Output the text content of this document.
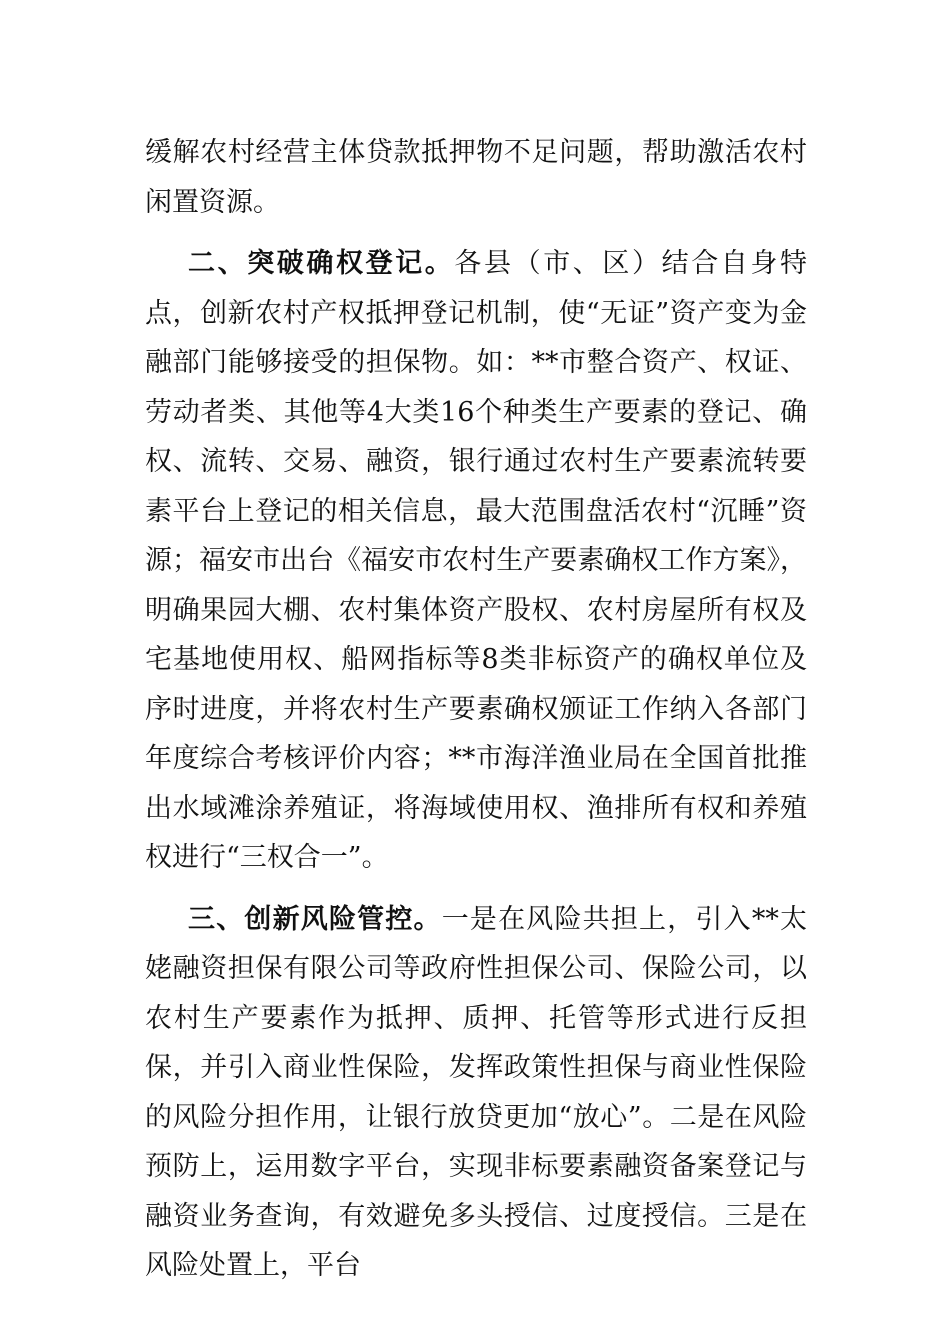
缓解农村经营主体贷款抵押物不足问题，帮助激活农村闲置资源。

二、突破确权登记。各县（市、区）结合自身特点，创新农村产权抵押登记机制，使“无证”资产变为金融部门能够接受的担保物。如：**市整合资产、权证、劳动者类、其他等4大类16个种类生产要素的登记、确权、流转、交易、融资，银行通过农村生产要素流转要素平台上登记的相关信息，最大范围盘活农村“沉睡”资源；福安市出台《福安市农村生产要素确权工作方案》，明确果园大棚、农村集体资产股权、农村房屋所有权及宅基地使用权、船网指标等8类非标资产的确权单位及序时进度，并将农村生产要素确权颁证工作纳入各部门年度综合考核评价内容；**市海洋渔业局在全国首批推出水域滩涂养殖证，将海域使用权、渔排所有权和养殖权进行“三权合一”。

三、创新风险管控。一是在风险共担上，引入**太姥融资担保有限公司等政府性担保公司、保险公司，以农村生产要素作为抵押、质押、托管等形式进行反担保，并引入商业性保险，发挥政策性担保与商业性保险的风险分担作用，让银行放贷更加“放心”。二是在风险预防上，运用数字平台，实现非标要素融资备案登记与融资业务查询，有效避免多头授信、过度授信。三是在风险处置上，平台
